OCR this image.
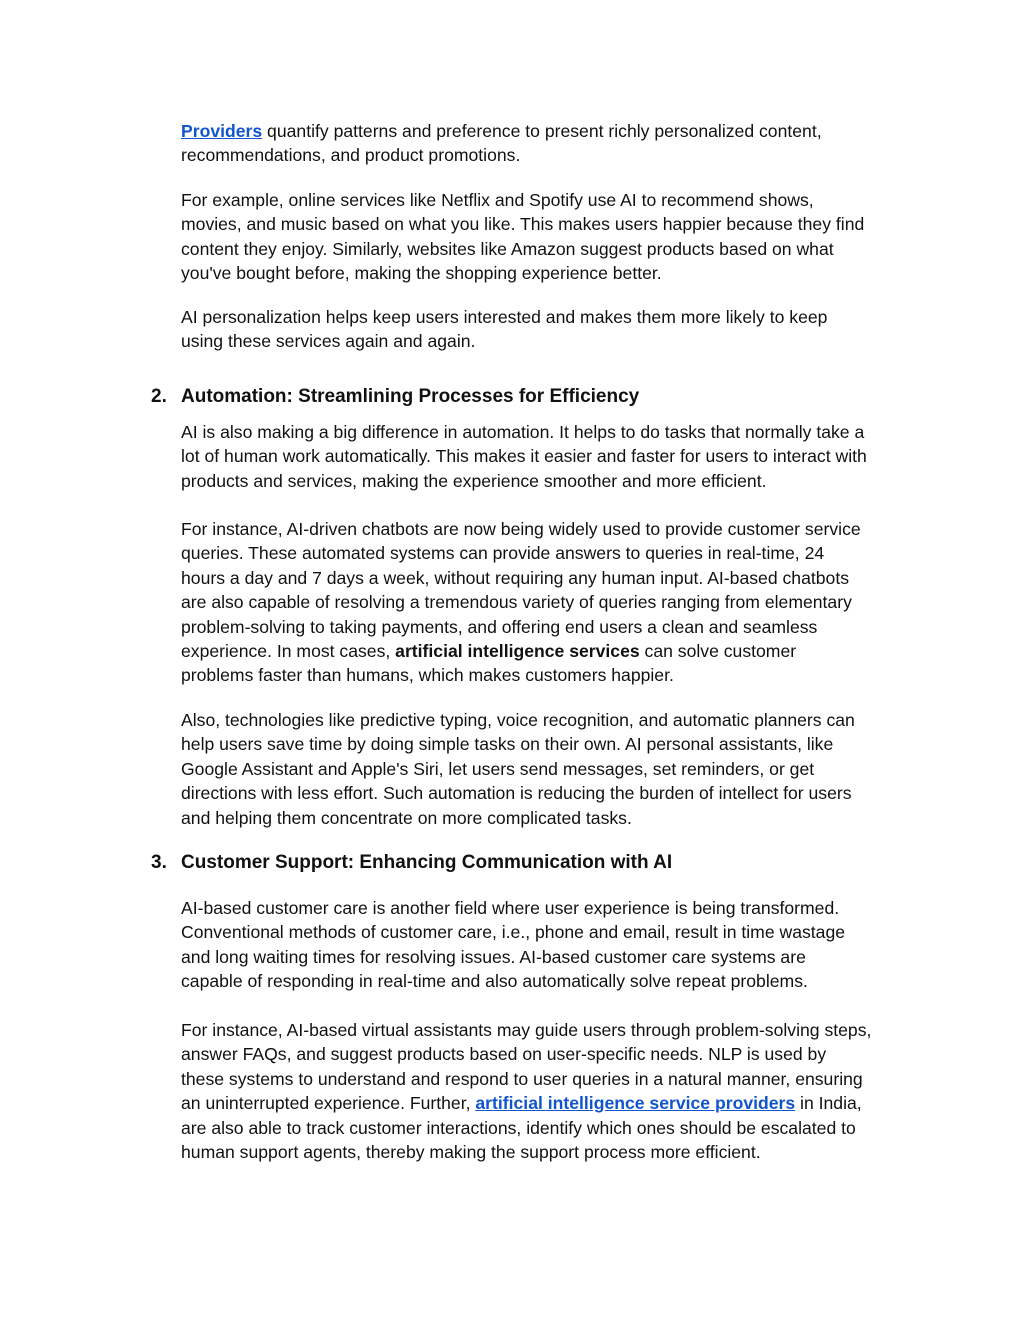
Providers quantify patterns and preference to present richly personalized content,
recommendations, and product promotions.

For example, online services like Netflix and Spotify use AI to recommend shows,
movies, and music based on what you like. This makes users happier because they find
content they enjoy. Similarly, websites like Amazon suggest products based on what
you've bought before, making the shopping experience better.

AI personalization helps keep users interested and makes them more likely to keep
using these services again and again.

2. Automation: Streamlining Processes for Efficiency

AI is also making a big difference in automation. It helps to do tasks that normally take a
lot of human work automatically. This makes it easier and faster for users to interact with
products and services, making the experience smoother and more efficient.

For instance, AI-driven chatbots are now being widely used to provide customer service
queries. These automated systems can provide answers to queries in real-time, 24
hours a day and 7 days a week, without requiring any human input. AI-based chatbots
are also capable of resolving a tremendous variety of queries ranging from elementary
problem-solving to taking payments, and offering end users a clean and seamless
experience. In most cases, artificial intelligence services can solve customer
problems faster than humans, which makes customers happier.

Also, technologies like predictive typing, voice recognition, and automatic planners can
help users save time by doing simple tasks on their own. AI personal assistants, like
Google Assistant and Apple's Siri, let users send messages, set reminders, or get
directions with less effort. Such automation is reducing the burden of intellect for users
and helping them concentrate on more complicated tasks.

3. Customer Support: Enhancing Communication with AI

AI-based customer care is another field where user experience is being transformed.
Conventional methods of customer care, i.e., phone and email, result in time wastage
and long waiting times for resolving issues. AI-based customer care systems are
capable of responding in real-time and also automatically solve repeat problems.

For instance, AI-based virtual assistants may guide users through problem-solving steps,
answer FAQs, and suggest products based on user-specific needs. NLP is used by
these systems to understand and respond to user queries in a natural manner, ensuring
an uninterrupted experience. Further, artificial intelligence service providers in India,
are also able to track customer interactions, identify which ones should be escalated to
human support agents, thereby making the support process more efficient.
